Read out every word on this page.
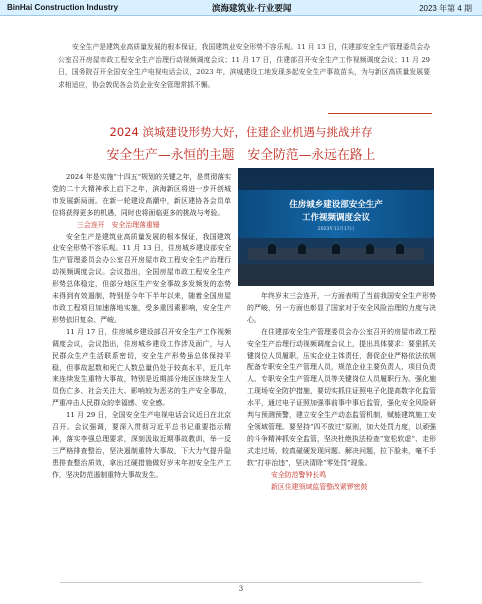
BinHai Construction Industry	滨海建筑业·行业要闻	2023 年第 4 期
安全生产是建筑业高质量发展的根本保证，我国建筑业安全形势不容乐观。11 月 13 日，住建部安全生产管理委员会办公室召开房屋市政工程安全生产治理行动视频调度会议；11 月 17 日，住建部召开安全生产工作视频调度会议；11 月 29 日，国务院召开全国安全生产电视电话会议，2023 年，滨城建设工地发现多起安全生产事故苗头，为与新区高质量发展要求相适应，协会敦促各会员企业安全管理常抓不懈。
2024 滨城建设形势大好，住建企业机遇与挑战并存
安全生产—永恒的主题　安全防范—永远在路上

2024 年是实施“十四五”规划的关键之年，是贯彻落实党的二十大精神承上启下之年，滨海新区将进一步开创城市发展新局面。在新一轮建设高潮中，新区建协各会员单位将获得更多的机遇，同时也将面临更多的挑战与考验。

三会连开　安全治理落重锤

安全生产是建筑业高质量发展的根本保证，我国建筑业安全形势不容乐观。11 月 13 日，住房城乡建设部安全生产管理委员会办公室召开房屋市政工程安全生产治理行动视频调度会议。会议指出，全国房屋市政工程安全生产形势总体稳定，但部分地区生产安全事故多发频发的态势未得到有效遏制，特别是今年下半年以来，随着全国房屋市政工程项目加速落地实施，受多重因素影响，安全生产形势依旧复杂、严峻。

11 月 17 日，住房城乡建设部召开安全生产工作视频调度会议，会议指出，住房城乡建设工作涉及面广，与人民群众生产生活联系密切，安全生产形势虽总体保持平稳，但事故起数和死亡人数总量仍处于较高水平，近几年来连续发生重特大事故，特别是近期部分地区连续发生人员伤亡多、社会关注大、影响较为恶劣的生产安全事故，严重冲击人民群众的幸福感、安全感。

11 月 29 日，全国安全生产电视电话会议近日在北京召开。会议强调，要深入贯彻习近平总书记重要指示精神，落实李强总理要求，深刻汲取近期事故教训，举一反三严格排查整治，坚决遏制重特大事故，下大力气提升隐患排查整治质效，拿出过硬措施做好岁末年初安全生产工作，坚决防范遏制重特大事故发生。

住房城乡建设部安全生产
工作视频调度会议
2023年11月17日

年终岁末三会连开，一方面表明了当前我国安全生产形势的严峻，另一方面也彰显了国家对于安全风险治理的力度与决心。

在住建部安全生产管理委员会办公室召开的房屋市政工程安全生产治理行动视频调度会议上，提出具体要求：要狠抓关键岗位人员履职，压实企业主体责任，督促企业严格依法依规配备专职安全生产管理人员，规范企业主要负责人、项目负责人、专职安全生产管理人员等关键岗位人员履职行为。强化施工现场安全防护措施，要切实抓住证照电子化提高数字化监管水平，通过电子证照加强事前事中事后监管，强化安全风险研判与预测预警，建立安全生产动态监管机制，赋能建筑施工安全领域管理。要坚持“四不放过”原则，加大处罚力度，以顽强的斗争精神抓安全监管，坚决杜绝执法检查“宽松软虚”、走形式走过场，较真碰硬发现问题、解决问题，拉下脸来，毫不手软“打非治违”，坚决清除“零处罚”现象。

安全防范警钟长鸣

新区住建领域监管整改紧锣密鼓

3
